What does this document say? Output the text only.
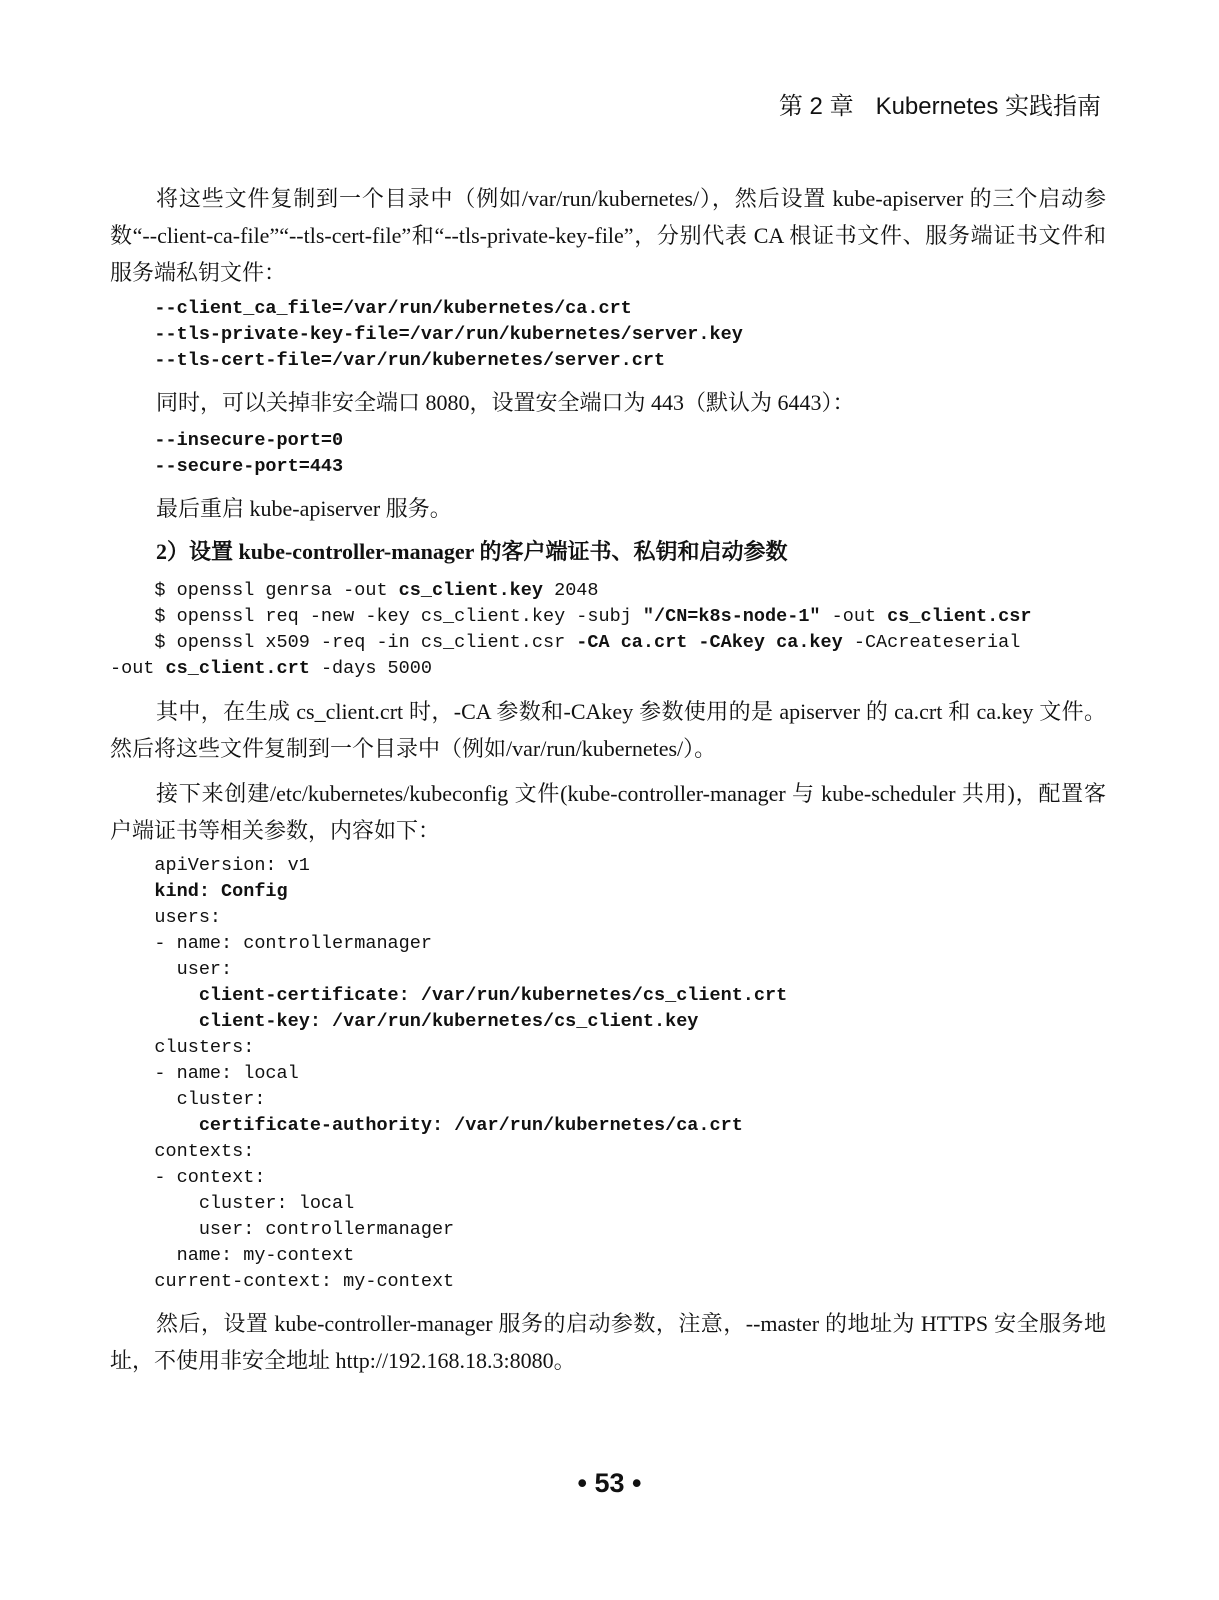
第 2 章 Kubernetes 实践指南

将这些文件复制到一个目录中（例如/var/run/kubernetes/），然后设置 kube-apiserver 的三个启动参数“--client-ca-file”“--tls-cert-file”和“--tls-private-key-file”，分别代表 CA 根证书文件、服务端证书文件和服务端私钥文件：

--client_ca_file=/var/run/kubernetes/ca.crt
--tls-private-key-file=/var/run/kubernetes/server.key
--tls-cert-file=/var/run/kubernetes/server.crt

同时，可以关掉非安全端口 8080，设置安全端口为 443（默认为 6443）：

--insecure-port=0
--secure-port=443

最后重启 kube-apiserver 服务。

2）设置 kube-controller-manager 的客户端证书、私钥和启动参数
$ openssl genrsa -out cs_client.key 2048
$ openssl req -new -key cs_client.key -subj "/CN=k8s-node-1" -out cs_client.csr
$ openssl x509 -req -in cs_client.csr -CA ca.crt -CAkey ca.key -CAcreateserial
-out cs_client.crt -days 5000

其中，在生成 cs_client.crt 时，-CA 参数和-CAkey 参数使用的是 apiserver 的 ca.crt 和 ca.key 文件。然后将这些文件复制到一个目录中（例如/var/run/kubernetes/）。

接下来创建/etc/kubernetes/kubeconfig 文件(kube-controller-manager 与 kube-scheduler 共用)，配置客户端证书等相关参数，内容如下：

apiVersion: v1
kind: Config
users:
- name: controllermanager
user:
client-certificate: /var/run/kubernetes/cs_client.crt
client-key: /var/run/kubernetes/cs_client.key
clusters:
- name: local
cluster:
certificate-authority: /var/run/kubernetes/ca.crt
contexts:
- context:
cluster: local
user: controllermanager
name: my-context
current-context: my-context

然后，设置 kube-controller-manager 服务的启动参数，注意，--master 的地址为 HTTPS 安全服务地址，不使用非安全地址 http://192.168.18.3:8080。

• 53 •
